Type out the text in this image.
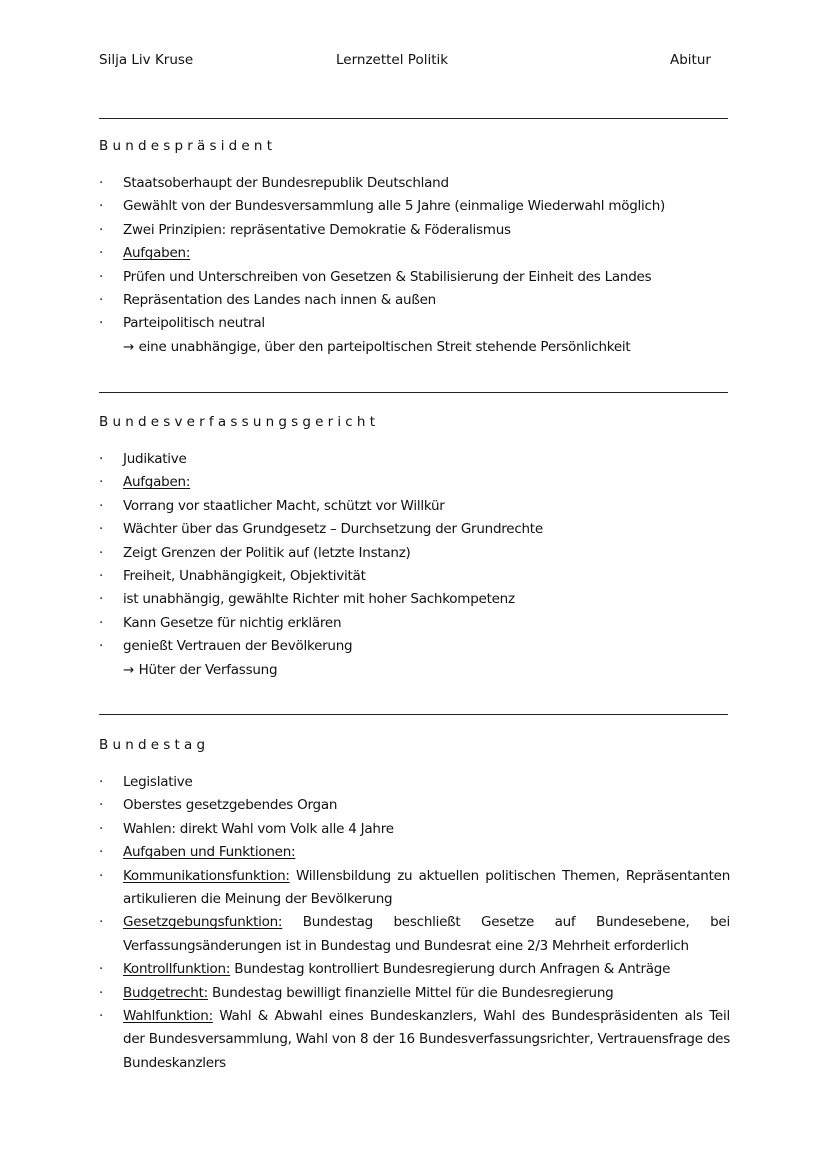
Silja Liv Kruse	Lernzettel Politik	Abitur
Bundespräsident
·	Staatsoberhaupt der Bundesrepublik Deutschland
·	Gewählt von der Bundesversammlung alle 5 Jahre (einmalige Wiederwahl möglich)
·	Zwei Prinzipien: repräsentative Demokratie & Föderalismus
·	Aufgaben:
·	Prüfen und Unterschreiben von Gesetzen & Stabilisierung der Einheit des Landes
·	Repräsentation des Landes nach innen & außen
·	Parteipolitisch neutral
→ eine unabhängige, über den parteipoltischen Streit stehende Persönlichkeit
Bundesverfassungsgericht
·	Judikative
·	Aufgaben:
·	Vorrang vor staatlicher Macht, schützt vor Willkür
·	Wächter über das Grundgesetz – Durchsetzung der Grundrechte
·	Zeigt Grenzen der Politik auf (letzte Instanz)
·	Freiheit, Unabhängigkeit, Objektivität
·	ist unabhängig, gewählte Richter mit hoher Sachkompetenz
·	Kann Gesetze für nichtig erklären
·	genießt Vertrauen der Bevölkerung
→ Hüter der Verfassung
Bundestag
·	Legislative
·	Oberstes gesetzgebendes Organ
·	Wahlen: direkt Wahl vom Volk alle 4 Jahre
·	Aufgaben und Funktionen:
·	Kommunikationsfunktion: Willensbildung zu aktuellen politischen Themen, Repräsentanten artikulieren die Meinung der Bevölkerung
·	Gesetzgebungsfunktion: Bundestag beschließt Gesetze auf Bundesebene, bei Verfassungsänderungen ist in Bundestag und Bundesrat eine 2/3 Mehrheit erforderlich
·	Kontrollfunktion: Bundestag kontrolliert Bundesregierung durch Anfragen & Anträge
·	Budgetrecht: Bundestag bewilligt finanzielle Mittel für die Bundesregierung
·	Wahlfunktion: Wahl & Abwahl eines Bundeskanzlers, Wahl des Bundespräsidenten als Teil der Bundesversammlung, Wahl von 8 der 16 Bundesverfassungsrichter, Vertrauensfrage des Bundeskanzlers
